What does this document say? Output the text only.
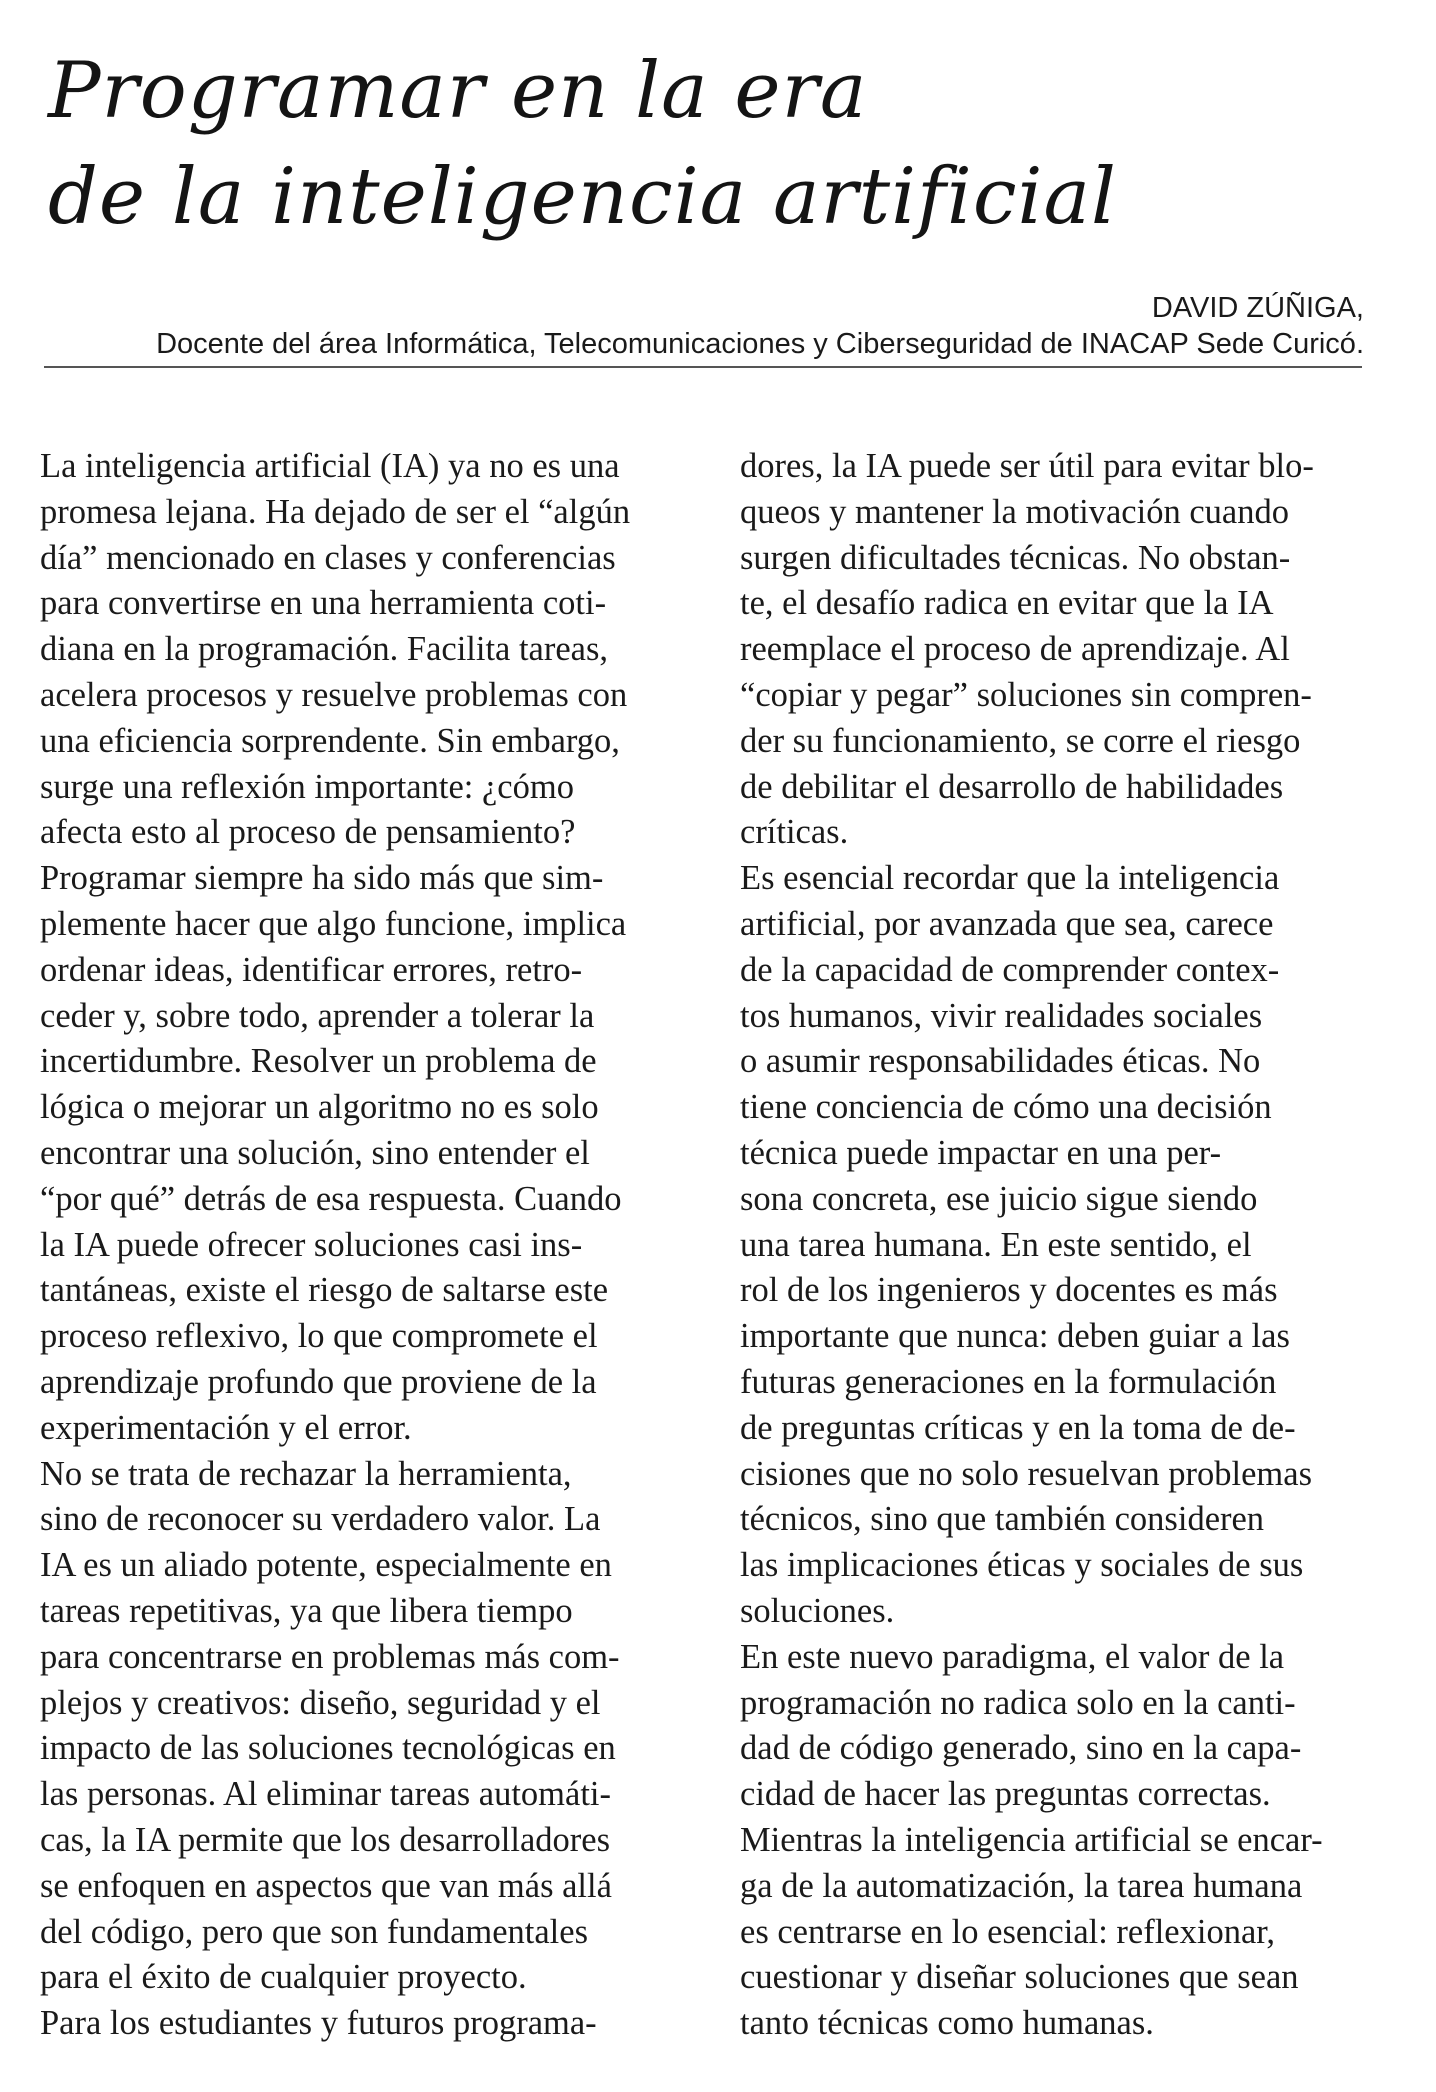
Programar en la era
de la inteligencia artificial
DAVID ZÚÑIGA,
Docente del área Informática, Telecomunicaciones y Ciberseguridad de INACAP Sede Curicó.
La inteligencia artificial (IA) ya no es una
promesa lejana. Ha dejado de ser el “algún
día” mencionado en clases y conferencias
para convertirse en una herramienta coti-
diana en la programación. Facilita tareas,
acelera procesos y resuelve problemas con
una eficiencia sorprendente. Sin embargo,
surge una reflexión importante: ¿cómo
afecta esto al proceso de pensamiento?
Programar siempre ha sido más que sim-
plemente hacer que algo funcione, implica
ordenar ideas, identificar errores, retro-
ceder y, sobre todo, aprender a tolerar la
incertidumbre. Resolver un problema de
lógica o mejorar un algoritmo no es solo
encontrar una solución, sino entender el
“por qué” detrás de esa respuesta. Cuando
la IA puede ofrecer soluciones casi ins-
tantáneas, existe el riesgo de saltarse este
proceso reflexivo, lo que compromete el
aprendizaje profundo que proviene de la
experimentación y el error.
No se trata de rechazar la herramienta,
sino de reconocer su verdadero valor. La
IA es un aliado potente, especialmente en
tareas repetitivas, ya que libera tiempo
para concentrarse en problemas más com-
plejos y creativos: diseño, seguridad y el
impacto de las soluciones tecnológicas en
las personas. Al eliminar tareas automáti-
cas, la IA permite que los desarrolladores
se enfoquen en aspectos que van más allá
del código, pero que son fundamentales
para el éxito de cualquier proyecto.
Para los estudiantes y futuros programa-
dores, la IA puede ser útil para evitar blo-
queos y mantener la motivación cuando
surgen dificultades técnicas. No obstan-
te, el desafío radica en evitar que la IA
reemplace el proceso de aprendizaje. Al
“copiar y pegar” soluciones sin compren-
der su funcionamiento, se corre el riesgo
de debilitar el desarrollo de habilidades
críticas.
Es esencial recordar que la inteligencia
artificial, por avanzada que sea, carece
de la capacidad de comprender contex-
tos humanos, vivir realidades sociales
o asumir responsabilidades éticas. No
tiene conciencia de cómo una decisión
técnica puede impactar en una per-
sona concreta, ese juicio sigue siendo
una tarea humana. En este sentido, el
rol de los ingenieros y docentes es más
importante que nunca: deben guiar a las
futuras generaciones en la formulación
de preguntas críticas y en la toma de de-
cisiones que no solo resuelvan problemas
técnicos, sino que también consideren
las implicaciones éticas y sociales de sus
soluciones.
En este nuevo paradigma, el valor de la
programación no radica solo en la canti-
dad de código generado, sino en la capa-
cidad de hacer las preguntas correctas.
Mientras la inteligencia artificial se encar-
ga de la automatización, la tarea humana
es centrarse en lo esencial: reflexionar,
cuestionar y diseñar soluciones que sean
tanto técnicas como humanas.
